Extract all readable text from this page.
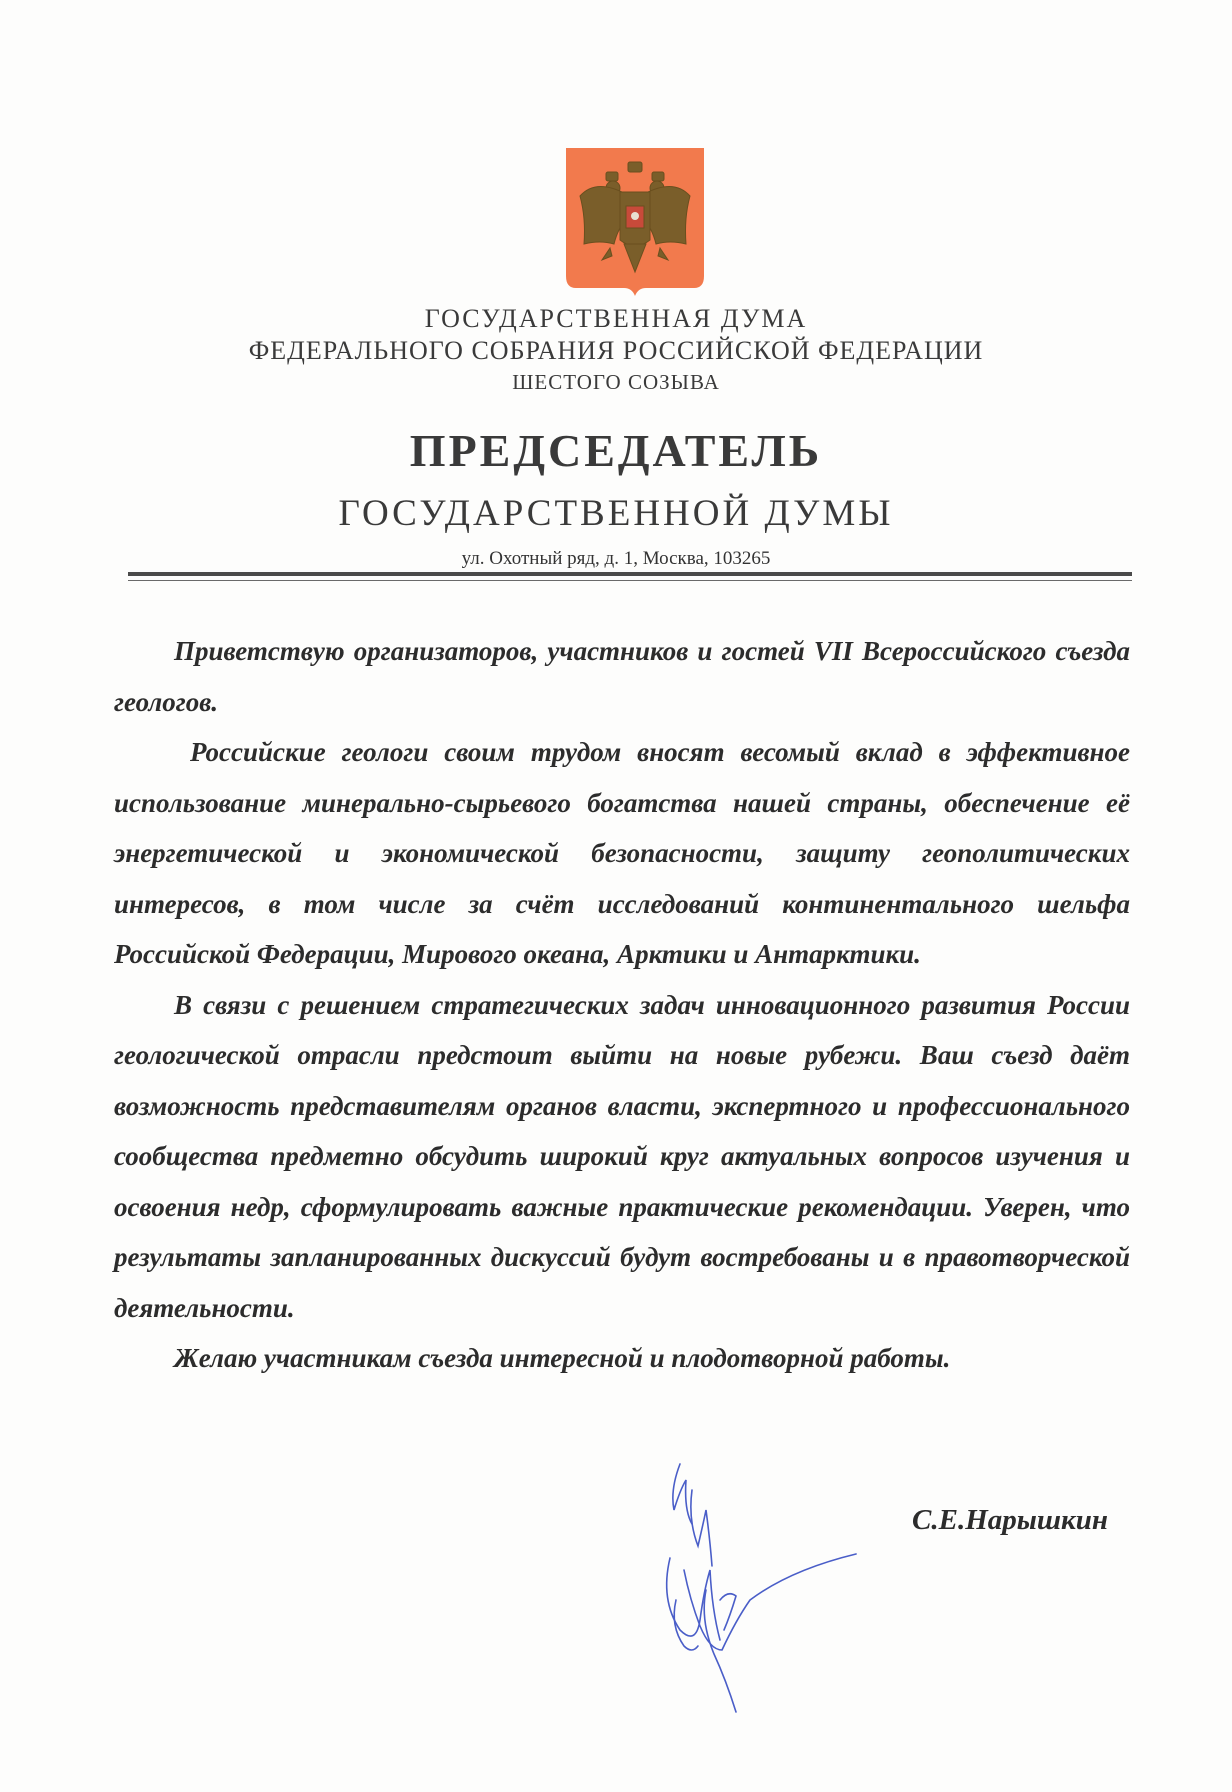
ГОСУДАРСТВЕННАЯ ДУМА
ФЕДЕРАЛЬНОГО СОБРАНИЯ РОССИЙСКОЙ ФЕДЕРАЦИИ
ШЕСТОГО СОЗЫВА
ПРЕДСЕДАТЕЛЬ
ГОСУДАРСТВЕННОЙ ДУМЫ
ул. Охотный ряд, д. 1, Москва, 103265

Приветствую организаторов, участников и гостей VII Всероссийского съезда геологов.

Российские геологи своим трудом вносят весомый вклад в эффективное использование минерально-сырьевого богатства нашей страны, обеспечение её энергетической и экономической безопасности, защиту геополитических интересов, в том числе за счёт исследований континентального шельфа Российской Федерации, Мирового океана, Арктики и Антарктики.

В связи с решением стратегических задач инновационного развития России геологической отрасли предстоит выйти на новые рубежи. Ваш съезд даёт возможность представителям органов власти, экспертного и профессионального сообщества предметно обсудить широкий круг актуальных вопросов изучения и освоения недр, сформулировать важные практические рекомендации. Уверен, что результаты запланированных дискуссий будут востребованы и в правотворческой деятельности.

Желаю участникам съезда интересной и плодотворной работы.

С.Е.Нарышкин
